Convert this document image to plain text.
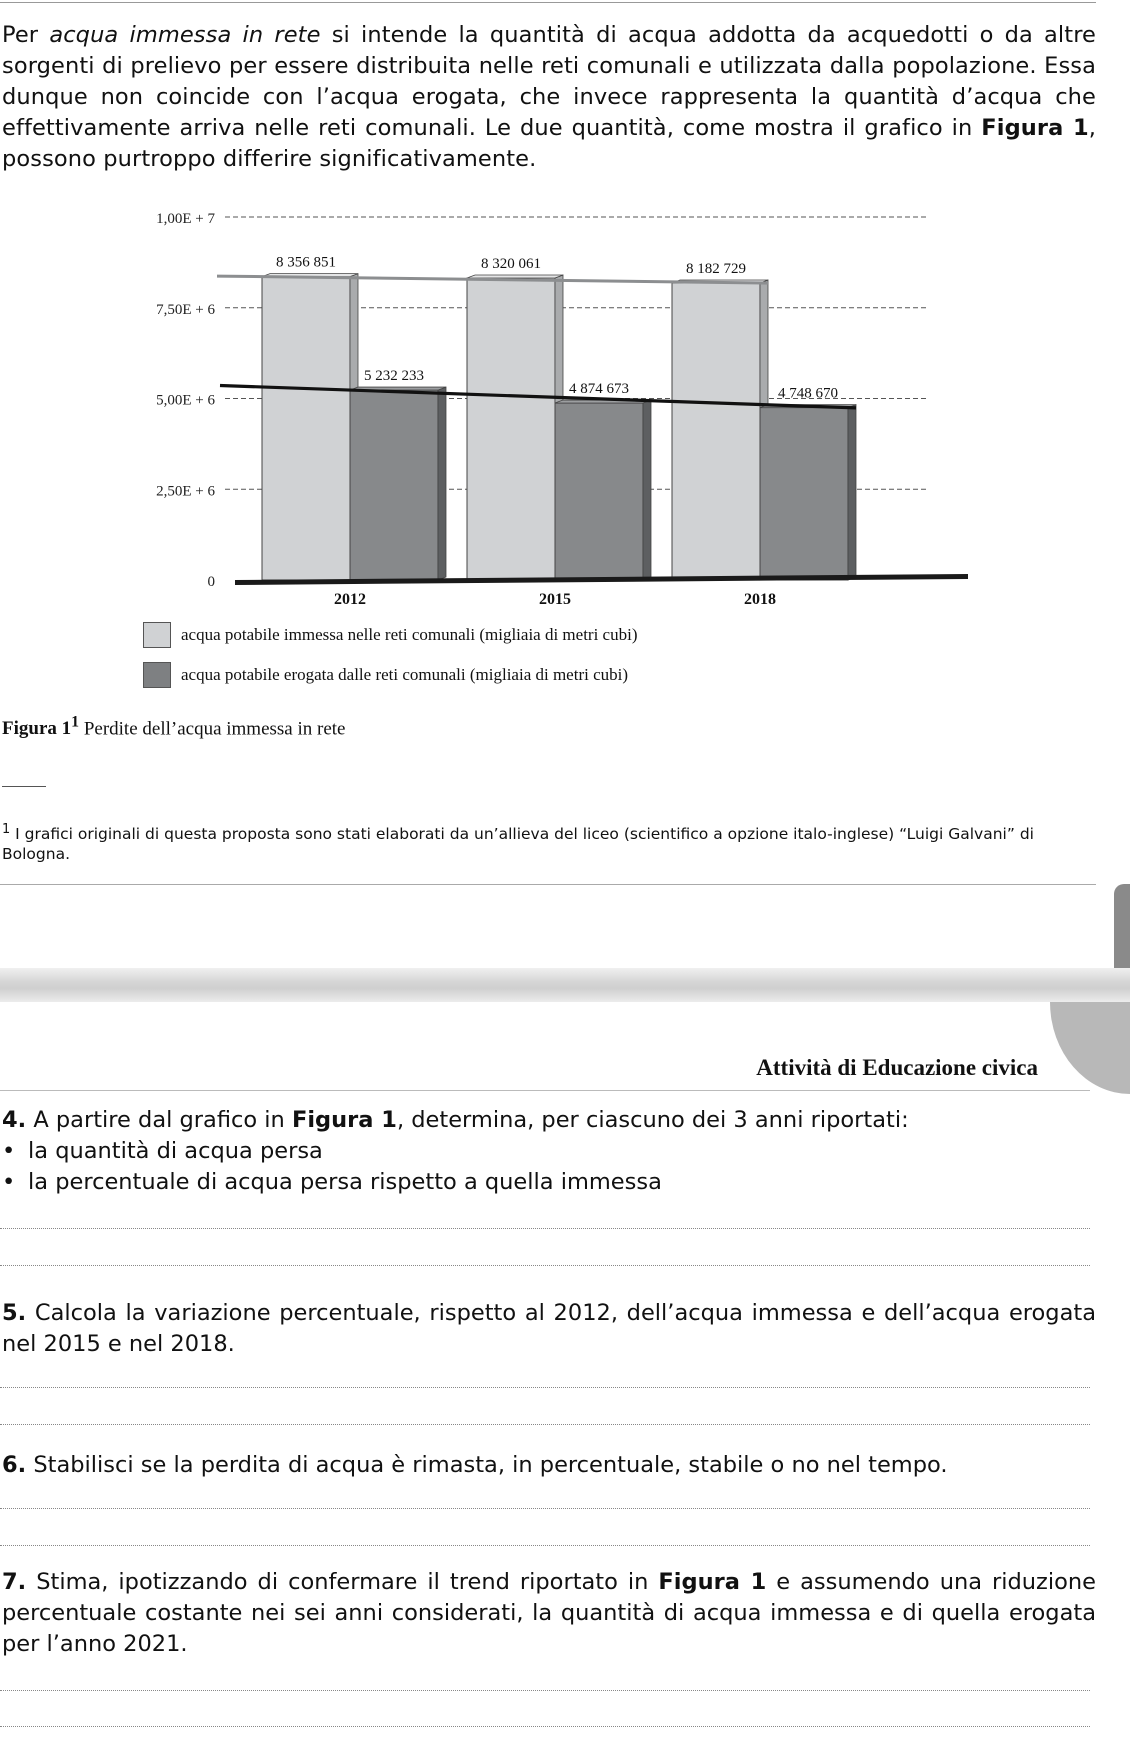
Per acqua immessa in rete si intende la quantità di acqua addotta da acquedotti o da altre sorgenti di prelievo per essere distribuita nelle reti comunali e utilizzata dalla popolazione. Essa dunque non coincide con l’acqua erogata, che invece rappresenta la quantità d’acqua che effettivamente arriva nelle reti comunali. Le due quantità, come mostra il grafico in Figura 1, possono purtroppo differire significativamente.
0
2,50E + 6
5,00E + 6
7,50E + 6
1,00E + 7
8 356 851
5 232 233
2012
8 320 061
4 874 673
2015
8 182 729
4 748 670
2018
acqua potabile immessa nelle reti comunali (migliaia di metri cubi)
acqua potabile erogata dalle reti comunali (migliaia di metri cubi)
Figura $1^1$ Perdite dell’acqua immessa in rete
$^1$ I grafici originali di questa proposta sono stati elaborati da un’allieva del liceo (scientifico a opzione italo-inglese) “Luigi Galvani” di Bologna.
Attività di Educazione civica
4. A partire dal grafico in Figura 1, determina, per ciascuno dei 3 anni riportati:
• la quantità di acqua persa
• la percentuale di acqua persa rispetto a quella immessa
5. Calcola la variazione percentuale, rispetto al 2012, dell’acqua immessa e dell’acqua erogata nel 2015 e nel 2018.
6. Stabilisci se la perdita di acqua è rimasta, in percentuale, stabile o no nel tempo.
7. Stima, ipotizzando di confermare il trend riportato in Figura 1 e assumendo una riduzione percentuale costante nei sei anni considerati, la quantità di acqua immessa e di quella erogata per l’anno 2021.
